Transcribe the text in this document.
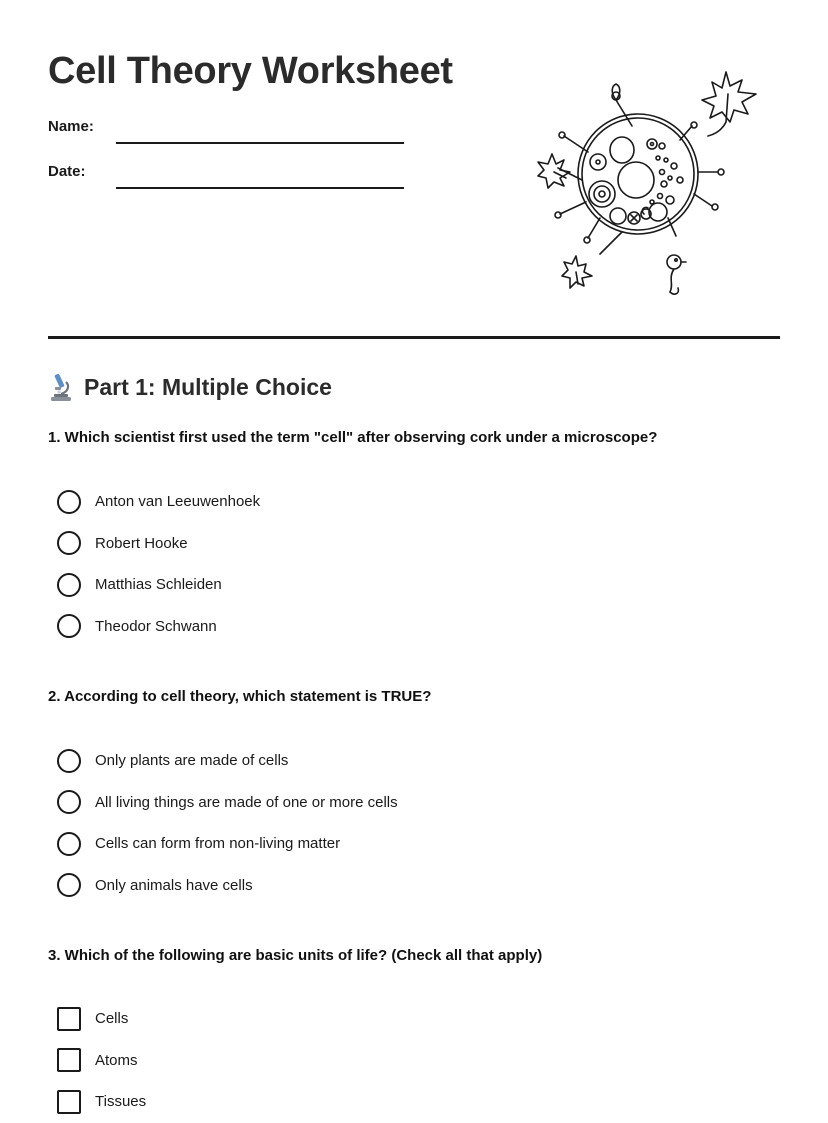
Cell Theory Worksheet
Name:
Date:
Part 1: Multiple Choice
1. Which scientist first used the term "cell" after observing cork under a microscope?
Anton van Leeuwenhoek
Robert Hooke
Matthias Schleiden
Theodor Schwann
2. According to cell theory, which statement is TRUE?
Only plants are made of cells
All living things are made of one or more cells
Cells can form from non-living matter
Only animals have cells
3. Which of the following are basic units of life? (Check all that apply)
Cells
Atoms
Tissues
